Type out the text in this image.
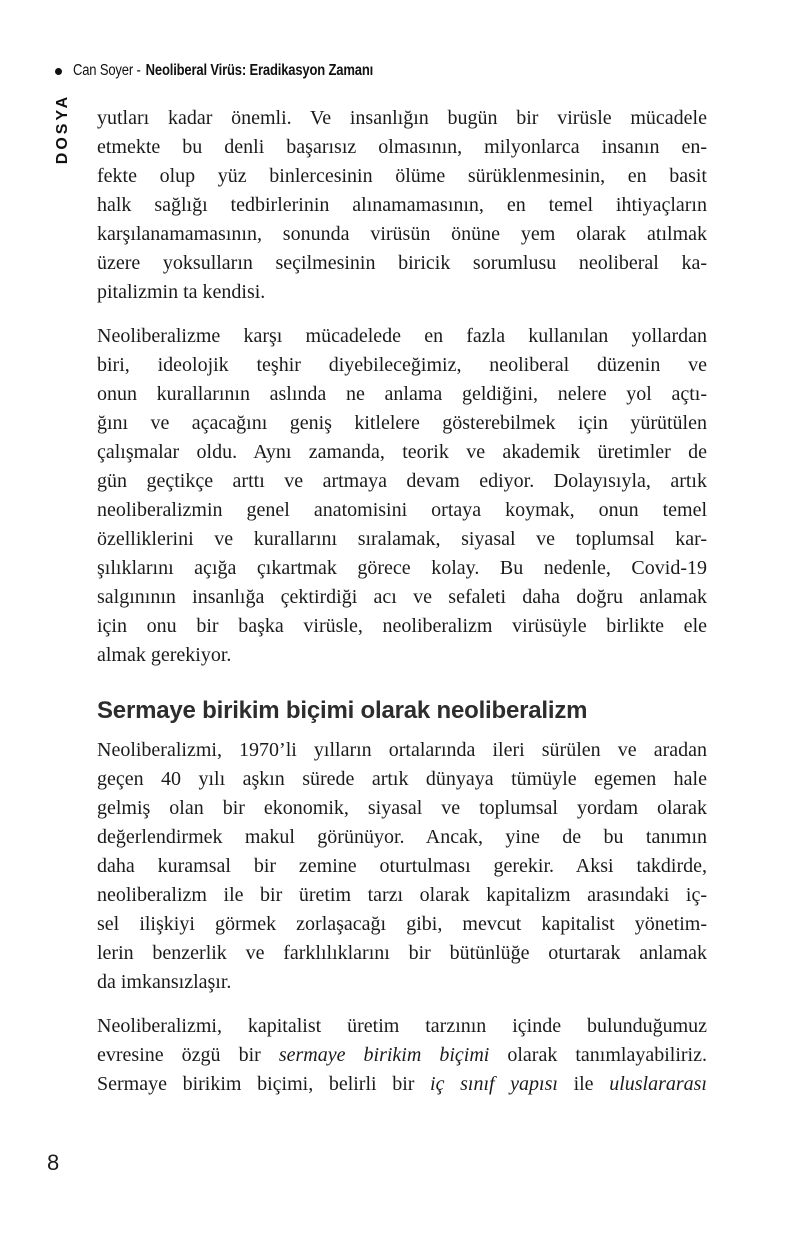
Can Soyer - Neoliberal Virüs: Eradikasyon Zamanı
DOSYA yutları kadar önemli. Ve insanlığın bugün bir virüsle mücadele
etmekte bu denli başarısız olmasının, milyonlarca insanın en-
fekte olup yüz binlercesinin ölüme sürüklenmesinin, en basit
halk sağlığı tedbirlerinin alınamamasının, en temel ihtiyaçların
karşılanamamasının, sonunda virüsün önüne yem olarak atılmak
üzere yoksulların seçilmesinin biricik sorumlusu neoliberal ka-
pitalizmin ta kendisi.
Neoliberalizme karşı mücadelede en fazla kullanılan yollardan
biri, ideolojik teşhir diyebileceğimiz, neoliberal düzenin ve
onun kurallarının aslında ne anlama geldiğini, nelere yol açtı-
ğını ve açacağını geniş kitlelere gösterebilmek için yürütülen
çalışmalar oldu. Aynı zamanda, teorik ve akademik üretimler de
gün geçtikçe arttı ve artmaya devam ediyor. Dolayısıyla, artık
neoliberalizmin genel anatomisini ortaya koymak, onun temel
özelliklerini ve kurallarını sıralamak, siyasal ve toplumsal kar-
şılıklarını açığa çıkartmak görece kolay. Bu nedenle, Covid-19
salgınının insanlığa çektirdiği acı ve sefaleti daha doğru anlamak
için onu bir başka virüsle, neoliberalizm virüsüyle birlikte ele
almak gerekiyor.
Sermaye birikim biçimi olarak neoliberalizm
Neoliberalizmi, 1970’li yılların ortalarında ileri sürülen ve aradan
geçen 40 yılı aşkın sürede artık dünyaya tümüyle egemen hale
gelmiş olan bir ekonomik, siyasal ve toplumsal yordam olarak
değerlendirmek makul görünüyor. Ancak, yine de bu tanımın
daha kuramsal bir zemine oturtulması gerekir. Aksi takdirde,
neoliberalizm ile bir üretim tarzı olarak kapitalizm arasındaki iç-
sel ilişkiyi görmek zorlaşacağı gibi, mevcut kapitalist yönetim-
lerin benzerlik ve farklılıklarını bir bütünlüğe oturtarak anlamak
da imkansızlaşır.
Neoliberalizmi, kapitalist üretim tarzının içinde bulunduğumuz
evresine özgü bir sermaye birikim biçimi olarak tanımlayabiliriz.
Sermaye birikim biçimi, belirli bir iç sınıf yapısı ile uluslararası
8
